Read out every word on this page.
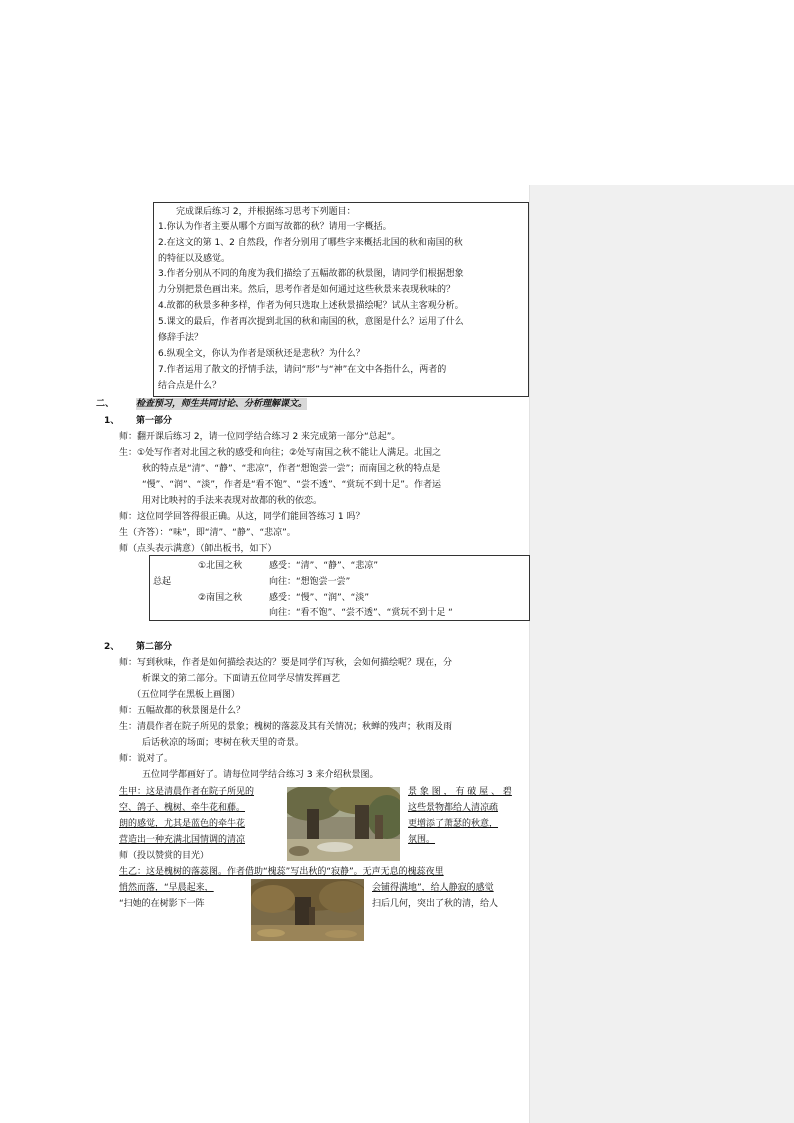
完成课后练习 2，并根据练习思考下列题目：
1.你认为作者主要从哪个方面写故都的秋？请用一字概括。
2.在这文的第 1、2 自然段，作者分别用了哪些字来概括北国的秋和南国的秋
的特征以及感觉。
3.作者分别从不同的角度为我们描绘了五幅故都的秋景图，请同学们根据想象
力分别把景色画出来。然后，思考作者是如何通过这些秋景来表现秋味的？
4.故都的秋景多种多样，作者为何只选取上述秋景描绘呢？试从主客观分析。
5.课文的最后，作者再次提到北国的秋和南国的秋，意图是什么？运用了什么
修辞手法？
6.纵观全文，你认为作者是颂秋还是悲秋？为什么？
7.作者运用了散文的抒情手法，请问“形”与“神”在文中各指什么，两者的
结合点是什么？
二、 检查预习，师生共同讨论、分析理解课文。
1、 第一部分
师：翻开课后练习 2，请一位同学结合练习 2 来完成第一部分“总起”。
生：①处写作者对北国之秋的感受和向往；②处写南国之秋不能让人满足。北国之
秋的特点是“清”、“静”、“悲凉”，作者“想饱尝一尝”；而南国之秋的特点是
“慢”、“润”、“淡”，作者是“看不饱”、“尝不透”、“赏玩不到十足”。作者运
用对比映衬的手法来表现对故都的秋的依恋。
师：这位同学回答得很正确。从这，同学们能回答练习 1 吗？
生（齐答）：“味”，即“清”、“静”、“悲凉”。
师（点头表示满意）（師出板书，如下）
总起
①北国之秋	感受：“清”、“静”、“悲凉”
向往：“想饱尝一尝”
②南国之秋	感受：“慢”、“润”、“淡”
向往：“看不饱”、“尝不透”、“赏玩不到十足 “
2、 第二部分
师：写到秋味，作者是如何描绘表达的？要是同学们写秋，会如何描绘呢？现在，分
析课文的第二部分。下面请五位同学尽情发挥画艺
（五位同学在黑板上画图）
师：五幅故都的秋景图是什么？
生：清晨作者在院子所见的景象；槐树的落蕊及其有关情况；秋蝉的残声；秋雨及雨
后话秋凉的场面；枣树在秋天里的奇景。
师：说对了。
五位同学都画好了。请每位同学结合练习 3 来介绍秋景图。
生甲：这是清晨作者在院子所见的
空、鸽子、槐树、牵牛花和藤。
朗的感觉，尤其是蓝色的牵牛花
营造出一种充满北国情调的清凉
师（投以赞赏的目光）
景 象 图 ， 有 破 屋 、 碧
这些景物都给人清凉疏
更增添了萧瑟的秋意，
氛围。
生乙：这是槐树的落蕊图。作者借助“槐蕊”写出秋的“寂静”。无声无息的槐蕊夜里
悄然而落，“早晨起来，
“扫她的在树影下一阵
会铺得满地”，给人静寂的感觉
扫后几何，突出了秋的清，给人
